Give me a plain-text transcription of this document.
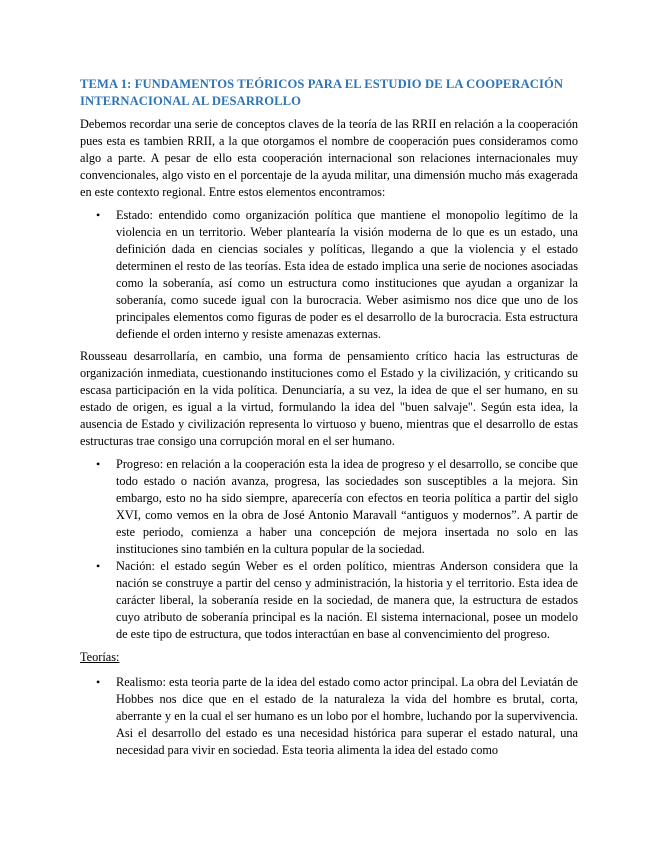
TEMA 1: FUNDAMENTOS TEÓRICOS PARA EL ESTUDIO DE LA COOPERACIÓN INTERNACIONAL AL DESARROLLO

Debemos recordar una serie de conceptos claves de la teoría de las RRII en relación a la cooperación pues esta es tambien RRII, a la que otorgamos el nombre de cooperación pues consideramos como algo a parte. A pesar de ello esta cooperación internacional son relaciones internacionales muy convencionales, algo visto en el porcentaje de la ayuda militar, una dimensión mucho más exagerada en este contexto regional. Entre estos elementos encontramos:

• Estado: entendido como organización política que mantiene el monopolio legítimo de la violencia en un territorio. Weber plantearía la visión moderna de lo que es un estado, una definición dada en ciencias sociales y políticas, llegando a que la violencia y el estado determinen el resto de las teorías. Esta idea de estado implica una serie de nociones asociadas como la soberanía, así como un estructura como instituciones que ayudan a organizar la soberanía, como sucede igual con la burocracia. Weber asimismo nos dice que uno de los principales elementos como figuras de poder es el desarrollo de la burocracia. Esta estructura defiende el orden interno y resiste amenazas externas.

Rousseau desarrollaría, en cambio, una forma de pensamiento crítico hacia las estructuras de organización inmediata, cuestionando instituciones como el Estado y la civilización, y criticando su escasa participación en la vida política. Denunciaría, a su vez, la idea de que el ser humano, en su estado de origen, es igual a la virtud, formulando la idea del "buen salvaje". Según esta idea, la ausencia de Estado y civilización representa lo virtuoso y bueno, mientras que el desarrollo de estas estructuras trae consigo una corrupción moral en el ser humano.

• Progreso: en relación a la cooperación esta la idea de progreso y el desarrollo, se concibe que todo estado o nación avanza, progresa, las sociedades son susceptibles a la mejora. Sin embargo, esto no ha sido siempre, aparecería con efectos en teoria política a partir del siglo XVI, como vemos en la obra de José Antonio Maravall “antiguos y modernos”. A partir de este periodo, comienza a haber una concepción de mejora insertada no solo en las instituciones sino también en la cultura popular de la sociedad.
• Nación: el estado según Weber es el orden político, mientras Anderson considera que la nación se construye a partir del censo y administración, la historia y el territorio. Esta idea de carácter liberal, la soberanía reside en la sociedad, de manera que, la estructura de estados cuyo atributo de soberanía principal es la nación. El sistema internacional, posee un modelo de este tipo de estructura, que todos interactúan en base al convencimiento del progreso.
Teorías:
• Realismo: esta teoria parte de la idea del estado como actor principal. La obra del Leviatán de Hobbes nos dice que en el estado de la naturaleza la vida del hombre es brutal, corta, aberrante y en la cual el ser humano es un lobo por el hombre, luchando por la supervivencia. Asi el desarrollo del estado es una necesidad histórica para superar el estado natural, una necesidad para vivir en sociedad. Esta teoria alimenta la idea del estado como
